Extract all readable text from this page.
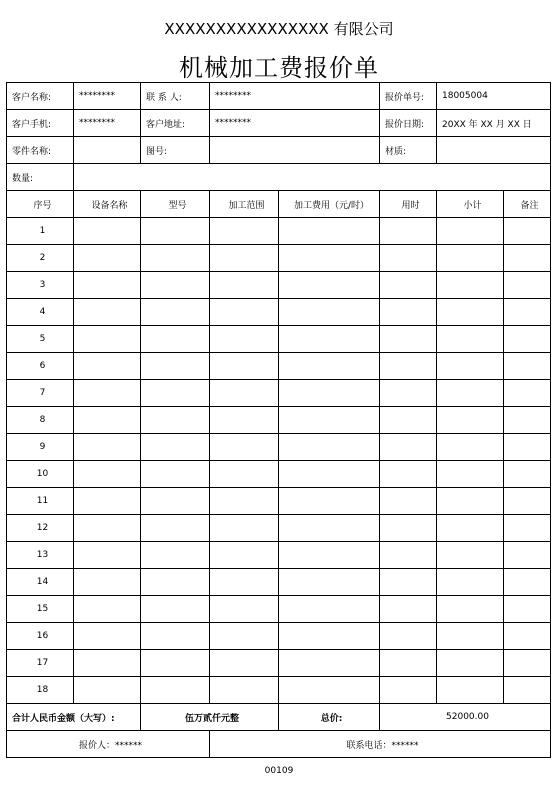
XXXXXXXXXXXXXXXX 有限公司
机械加工费报价单
客户名称:	********	联 系 人:	********		报价单号:	18005004	
客户手机:	********	客户地址:	********		报价日期:	20XX 年 XX 月 XX 日	
零件名称:		图号:			材质:		
数量:							
序号	设备名称	型号	加工范围	加工费用（元/时）	用时	小计	备注
1							
2							
3							
4							
5							
6							
7							
8							
9							
10							
11							
12							
13							
14							
15							
16							
17							
18							
合计人民币金额（大写）:		伍万贰仟元整		总价:	52000.00		
报价人：******			联系电话：******				
00109
